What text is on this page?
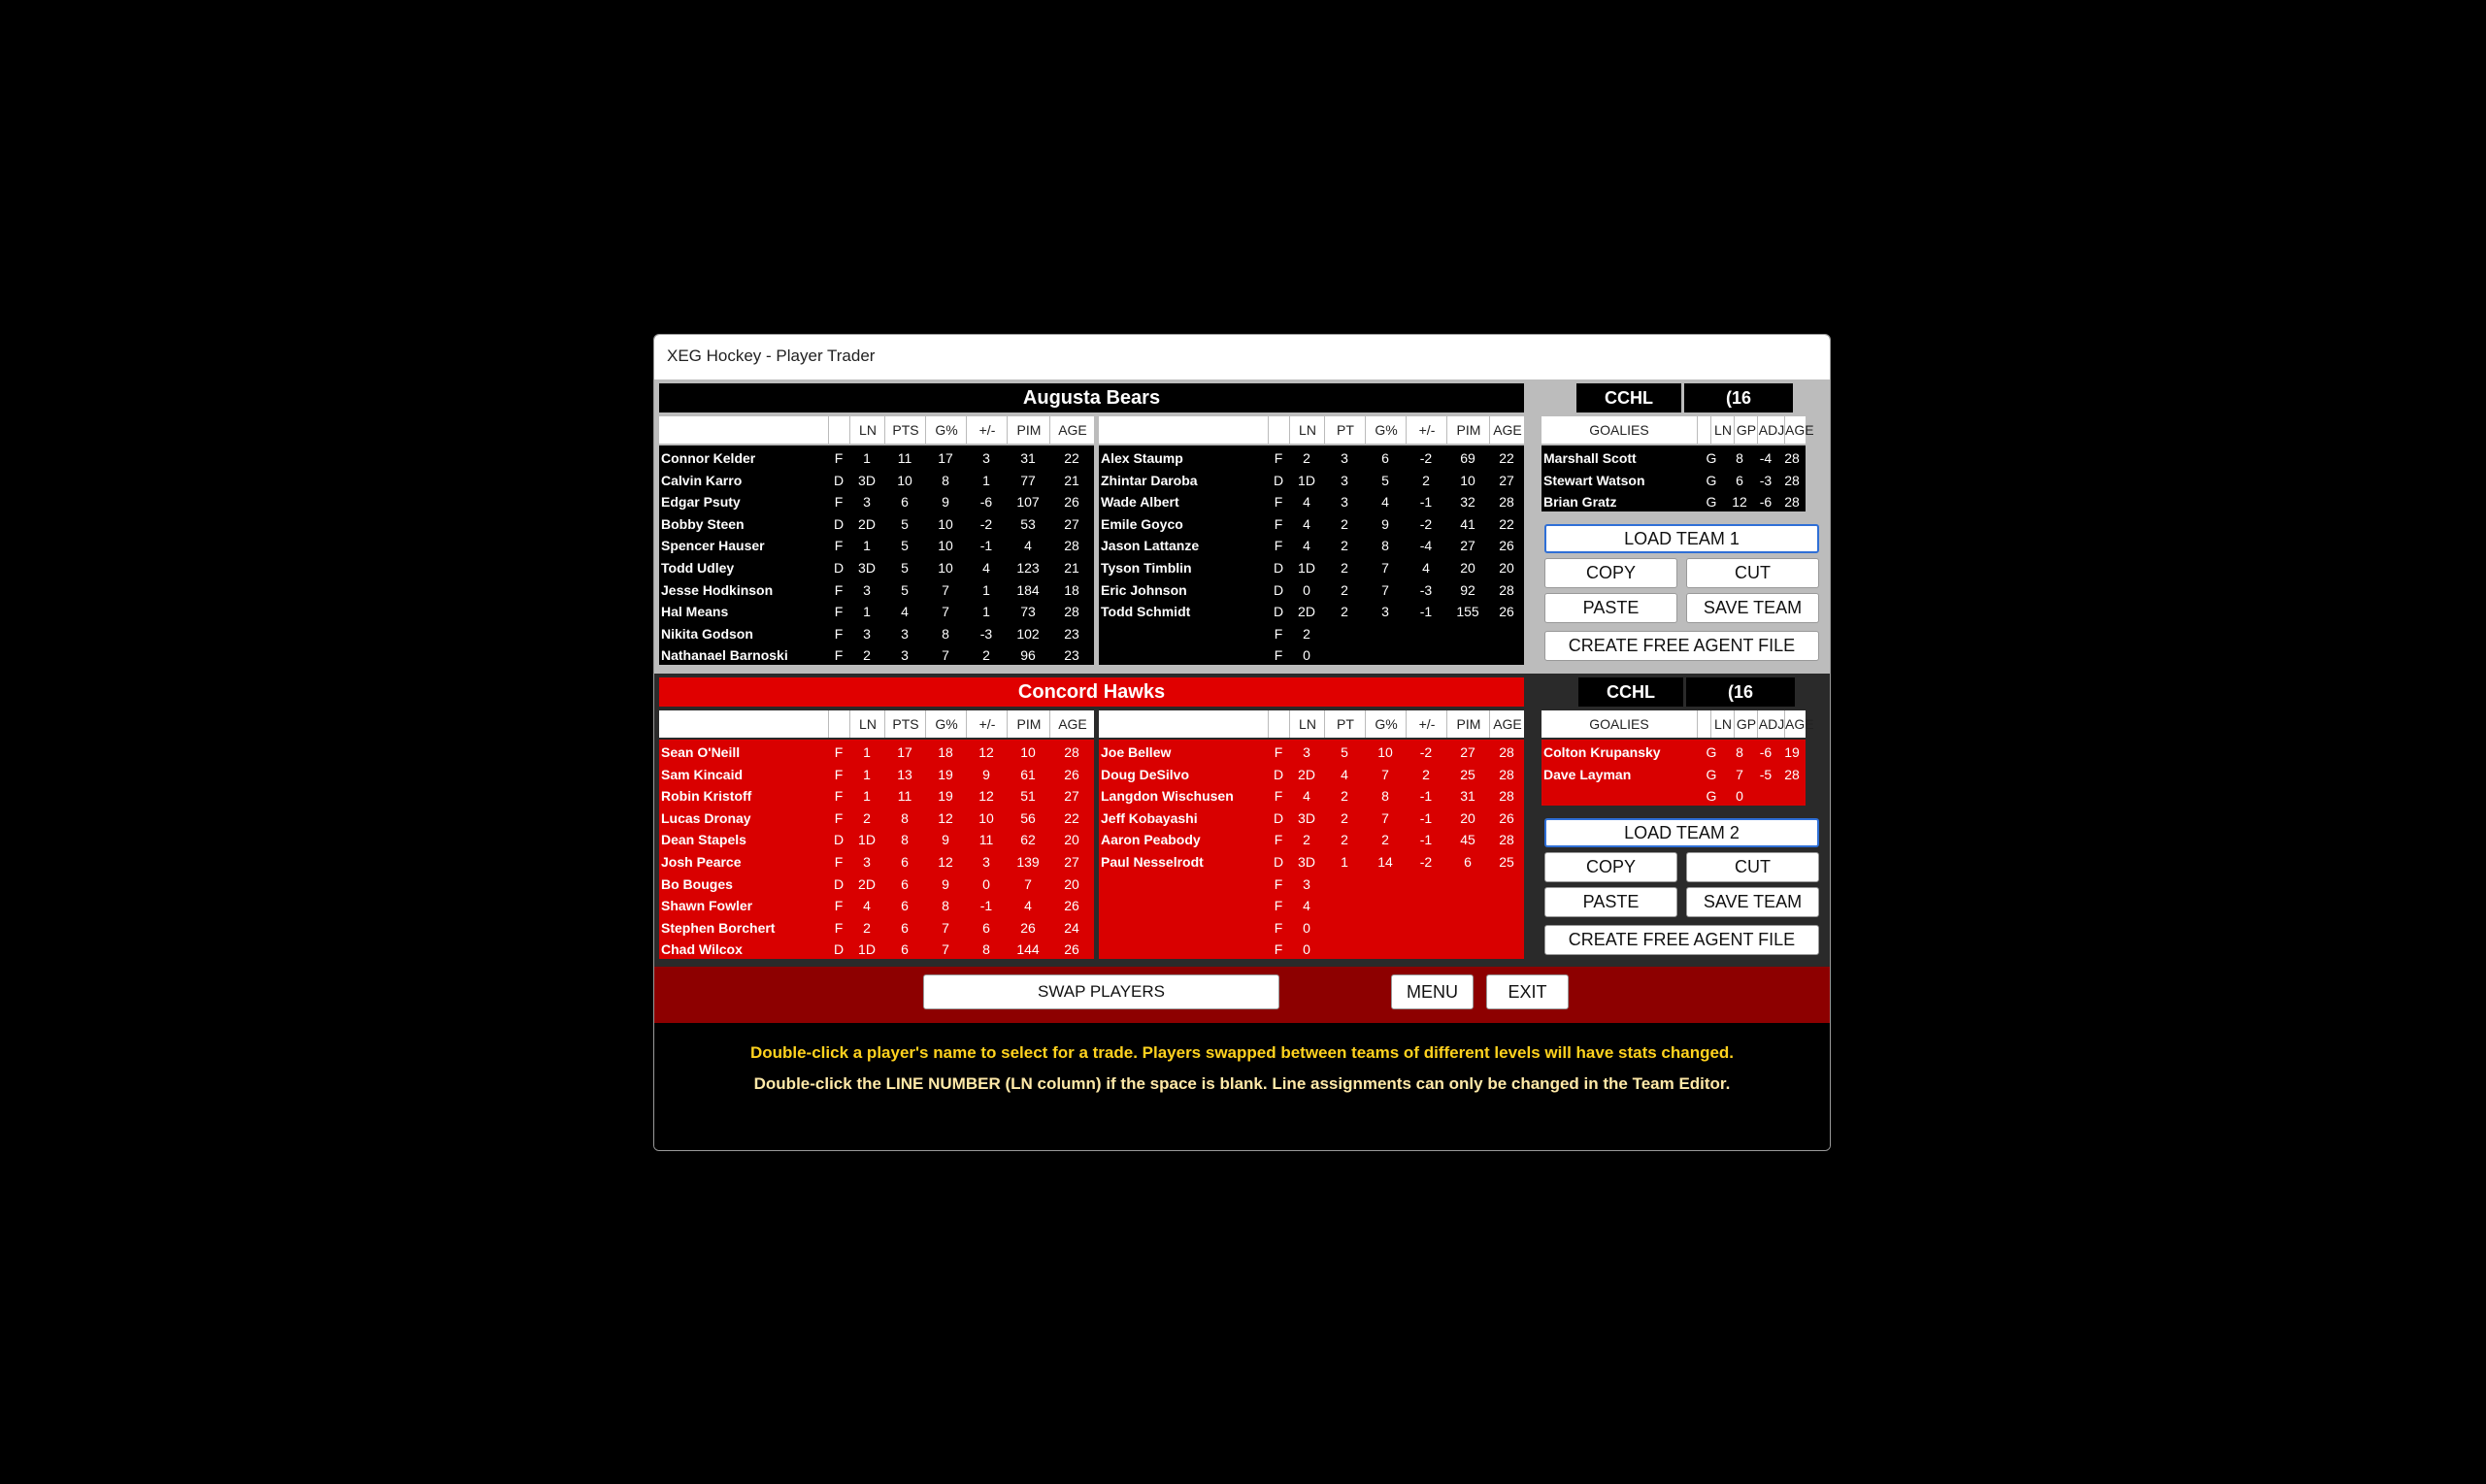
XEG Hockey - Player Trader
Augusta Bears	CCHL	(16
LN	PTS	G%	+/-	PIM	AGE	LN	PT	G%	+/-	PIM AGE	GOALIES	LN GP ADJ AGE
Connor Kelder	F	1	11	17	3	31	22
Calvin Karro	D	3D	10	8	1	77	21
Edgar Psuty	F	3	6	9	-6	107	26
Bobby Steen	D	2D	5	10	-2	53	27
Spencer Hauser	F	1	5	10	-1	4	28
Todd Udley	D	3D	5	10	4	123	21
Jesse Hodkinson	F	3	5	7	1	184	18
Hal Means	F	1	4	7	1	73	28
Nikita Godson	F	3	3	8	-3	102	23
Nathanael Barnoski	F	2	3	7	2	96	23
Alex Staump	F	2	3	6	-2	69	22
Zhintar Daroba	D	1D	3	5	2	10	27
Wade Albert	F	4	3	4	-1	32	28
Emile Goyco	F	4	2	9	-2	41	22
Jason Lattanze	F	4	2	8	-4	27	26
Tyson Timblin	D	1D	2	7	4	20	20
Eric Johnson	D	0	2	7	-3	92	28
Todd Schmidt	D	2D	2	3	-1	155	26
F	2
F	0
Marshall Scott	G	8	-4 28
Stewart Watson	G	6	-3 28
Brian Gratz	G	12 -6 28
LOAD TEAM 1
COPY	CUT
PASTE	SAVE TEAM
CREATE FREE AGENT FILE
Concord Hawks	CCHL	(16
LN	PTS	G%	+/-	PIM	AGE	LN	PT	G%	+/-	PIM AGE	GOALIES	LN GP ADJ AGE
Sean O'Neill	F	1	17	18	12	10	28
Sam Kincaid	F	1	13	19	9	61	26
Robin Kristoff	F	1	11	19	12	51	27
Lucas Dronay	F	2	8	12	10	56	22
Dean Stapels	D	1D	8	9	11	62	20
Josh Pearce	F	3	6	12	3	139	27
Bo Bouges	D	2D	6	9	0	7	20
Shawn Fowler	F	4	6	8	-1	4	26
Stephen Borchert	F	2	6	7	6	26	24
Chad Wilcox	D	1D	6	7	8	144	26
Joe Bellew	F	3	5	10	-2	27	28
Doug DeSilvo	D	2D	4	7	2	25	28
Langdon Wischusen	F	4	2	8	-1	31	28
Jeff Kobayashi	D	3D	2	7	-1	20	26
Aaron Peabody	F	2	2	2	-1	45	28
Paul Nesselrodt	D	3D	1	14	-2	6	25
F	3
F	4
F	0
F	0
Colton Krupansky	G	8	-6 19
Dave Layman	G	7	-5 28
G	0
LOAD TEAM 2
COPY	CUT
PASTE	SAVE TEAM
CREATE FREE AGENT FILE
SWAP PLAYERS	MENU	EXIT
Double-click a player's name to select for a trade. Players swapped between teams of different levels will have stats changed.
Double-click the LINE NUMBER (LN column) if the space is blank. Line assignments can only be changed in the Team Editor.
